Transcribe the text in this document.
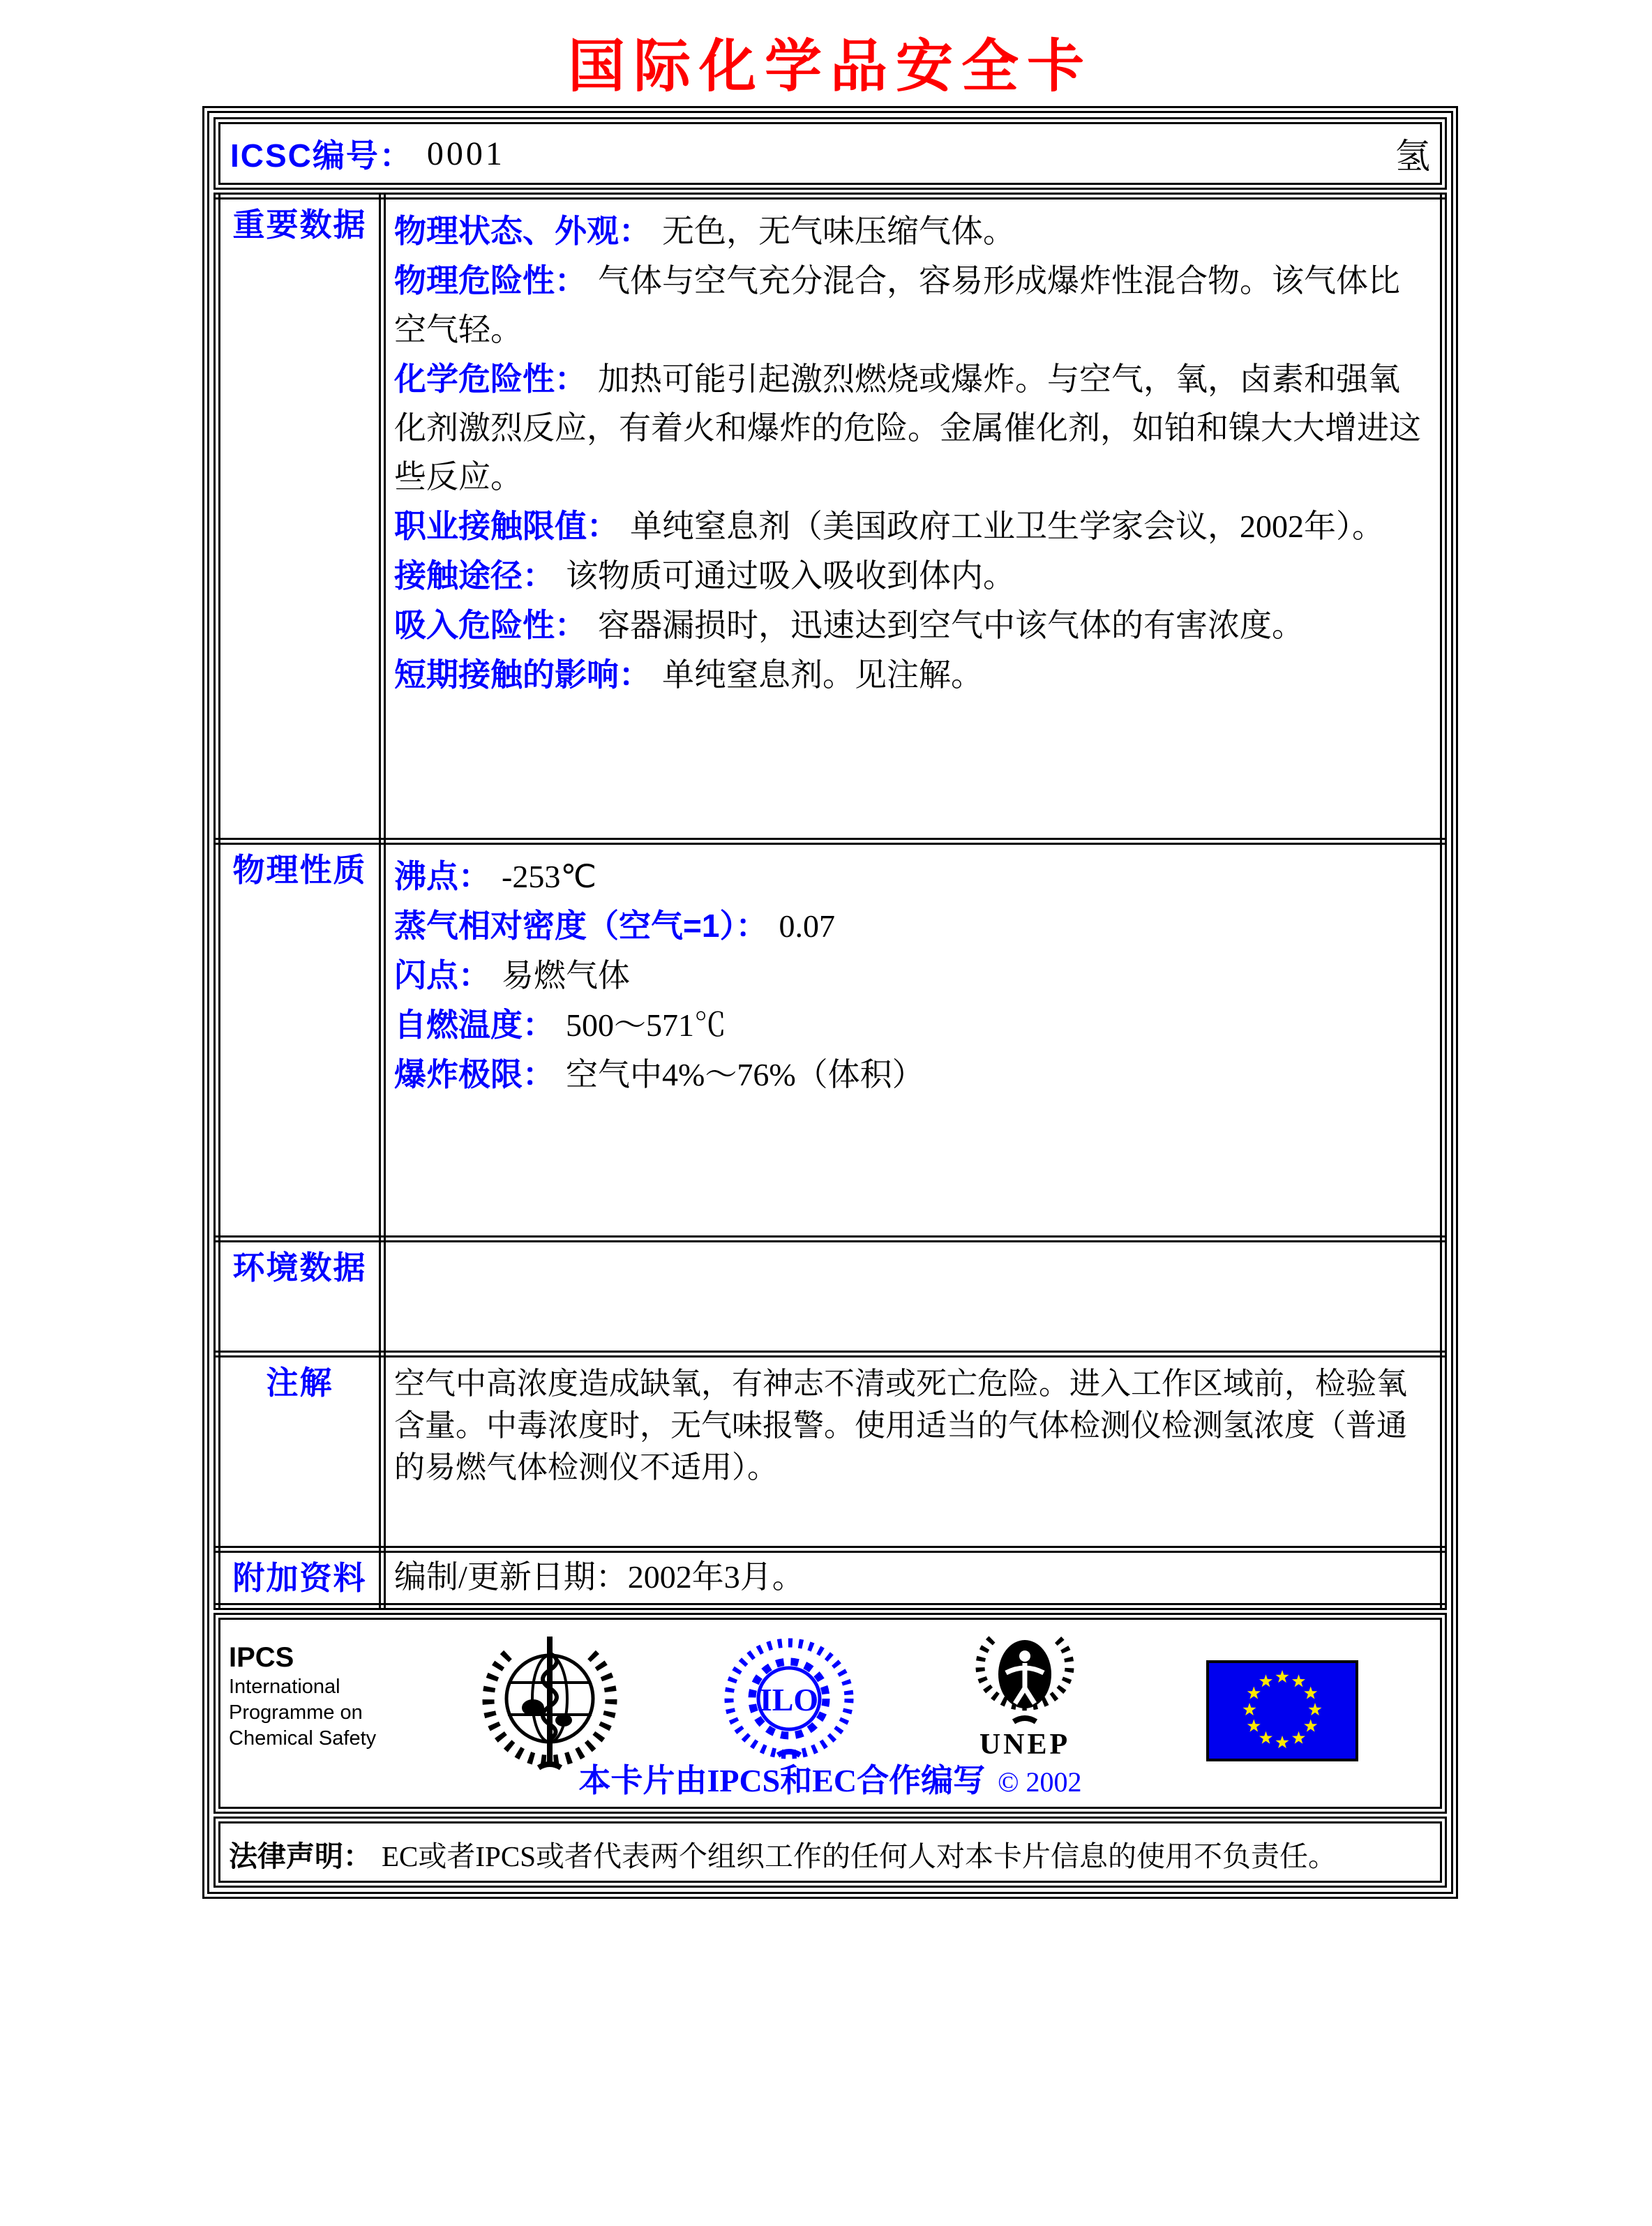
国际化学品安全卡
ICSC编号： 0001	氢
重要数据	物理状态、外观： 无色，无气味压缩气体。
物理危险性： 气体与空气充分混合，容易形成爆炸性混合物。该气体比空气轻。
化学危险性： 加热可能引起激烈燃烧或爆炸。与空气，氧，卤素和强氧化剂激烈反应，有着火和爆炸的危险。金属催化剂，如铂和镍大大增进这些反应。
职业接触限值： 单纯窒息剂（美国政府工业卫生学家会议，2002年）。
接触途径： 该物质可通过吸入吸收到体内。
吸入危险性： 容器漏损时，迅速达到空气中该气体的有害浓度。
短期接触的影响： 单纯窒息剂。见注解。

物理性质	沸点： -253℃
蒸气相对密度（空气=1）： 0.07
闪点： 易燃气体
自燃温度： 500～571℃
爆炸极限： 空气中4%～76%（体积）

环境数据	
注解	空气中高浓度造成缺氧，有神志不清或死亡危险。进入工作区域前，检验氧含量。中毒浓度时，无气味报警。使用适当的气体检测仪检测氢浓度（普通的易燃气体检测仪不适用）。
附加资料	编制/更新日期：2002年3月。
IPCS
International
Programme on
Chemical Safety
ILO
UNEP
本卡片由IPCS和EC合作编写 © 2002
法律声明： EC或者IPCS或者代表两个组织工作的任何人对本卡片信息的使用不负责任。
